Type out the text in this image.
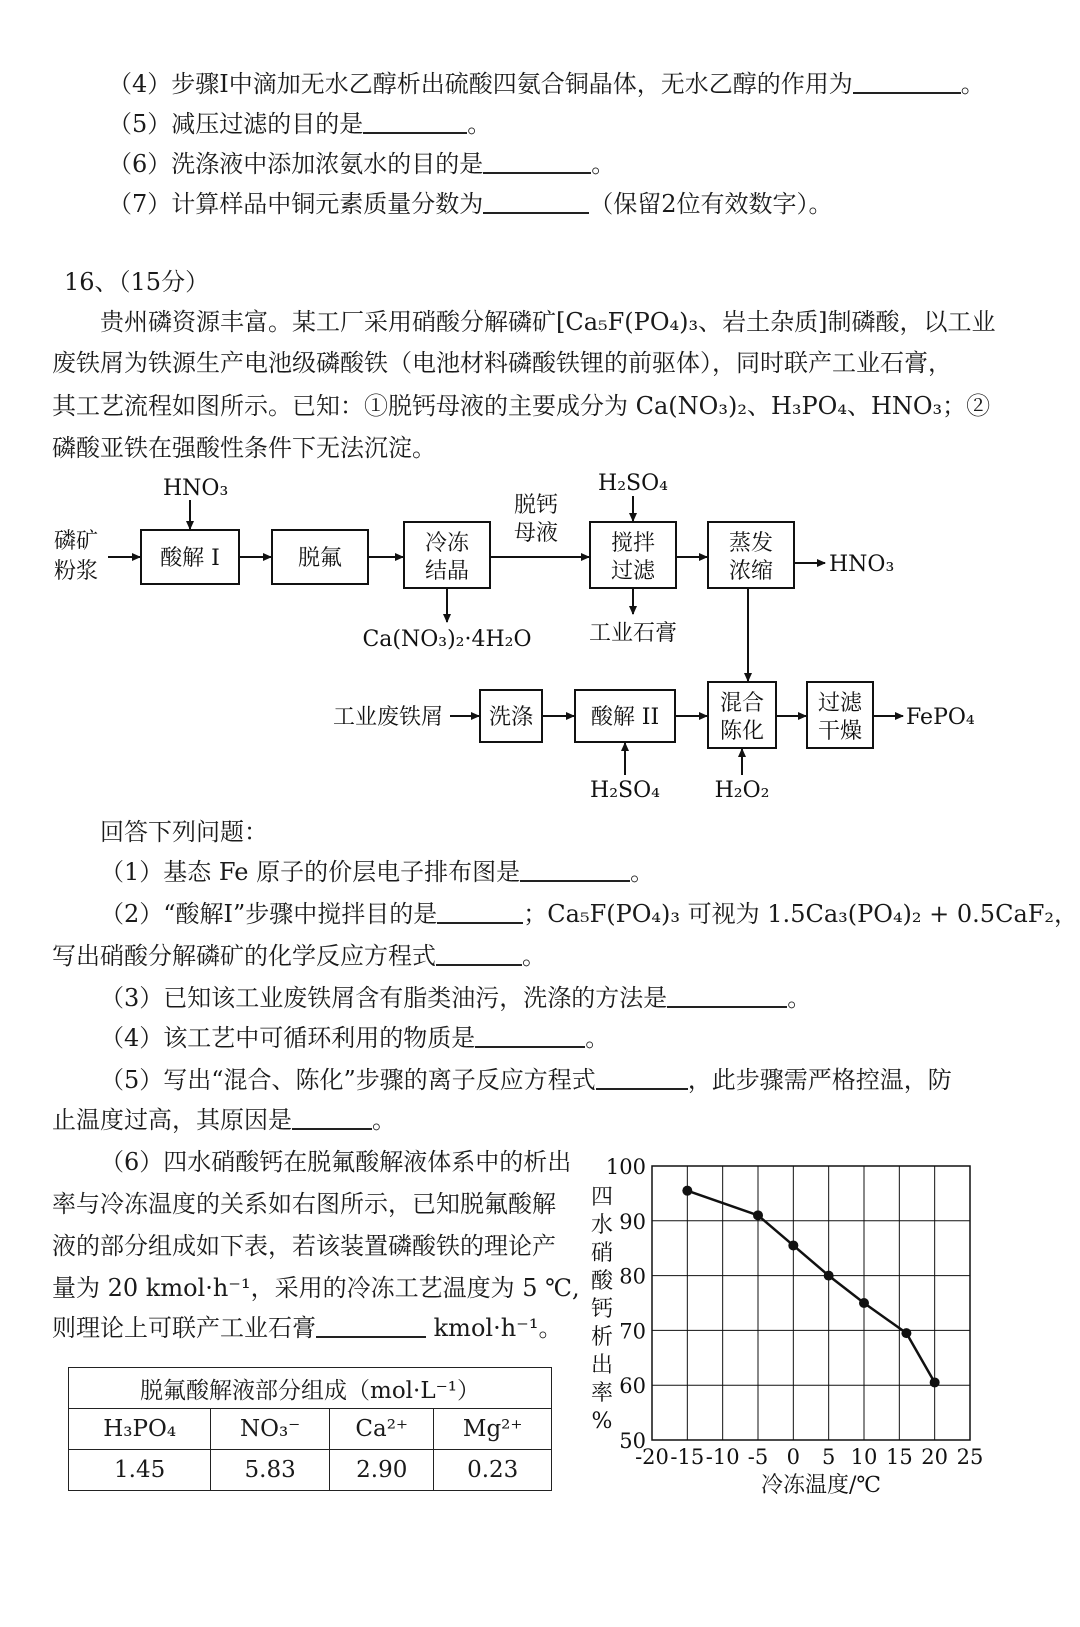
（4）步骤Ⅰ中滴加无水乙醇析出硫酸四氨合铜晶体，无水乙醇的作用为	。
（5）减压过滤的目的是	。
（6）洗涤液中添加浓氨水的目的是	。
（7）计算样品中铜元素质量分数为	（保留2位有效数字）。
16、（15分）
贵州磷资源丰富。某工厂采用硝酸分解磷矿[Ca₅F(PO₄)₃、岩土杂质]制磷酸，以工业
废铁屑为铁源生产电池级磷酸铁（电池材料磷酸铁锂的前驱体），同时联产工业石膏，
其工艺流程如图所示。已知：①脱钙母液的主要成分为 Ca(NO₃)₂、H₃PO₄、HNO₃；②
磷酸亚铁在强酸性条件下无法沉淀。
磷矿
粉浆
HNO₃
酸解 I	脱氟
冷冻
结晶
Ca(NO₃)₂·4H₂O
脱钙
母液
H₂SO₄
搅拌
过滤
工业石膏
蒸发
浓缩	HNO₃
工业废铁屑 洗涤	酸解 II
H₂SO₄
混合
陈化
H₂O₂
过滤
干燥
FePO₄
回答下列问题：
（1）基态 Fe 原子的价层电子排布图是	。
（2）“酸解Ⅰ”步骤中搅拌目的是	；Ca₅F(PO₄)₃ 可视为 1.5Ca₃(PO₄)₂ + 0.5CaF₂，
写出硝酸分解磷矿的化学反应方程式	。
（3）已知该工业废铁屑含有脂类油污，洗涤的方法是	。
（4）该工艺中可循环利用的物质是	。
（5）写出“混合、陈化”步骤的离子反应方程式	，此步骤需严格控温，防
止温度过高，其原因是	。
（6）四水硝酸钙在脱氟酸解液体系中的析出
率与冷冻温度的关系如右图所示，已知脱氟酸解
液的部分组成如下表，若该装置磷酸铁的理论产
量为 20 kmol·h⁻¹，采用的冷冻工艺温度为 5 ℃,
则理论上可联产工业石膏	kmol·h⁻¹。
脱氟酸解液部分组成（mol·L⁻¹）			
H₃PO₄	NO₃⁻	Ca²⁺	Mg²⁺
1.45	5.83	2.90	0.23
50
60
70
80
90
100
-20 -15 -10 -5 0 5 10 15 20 25
四
水
硝
酸
钙
析
出
率
%
冷冻温度/℃
